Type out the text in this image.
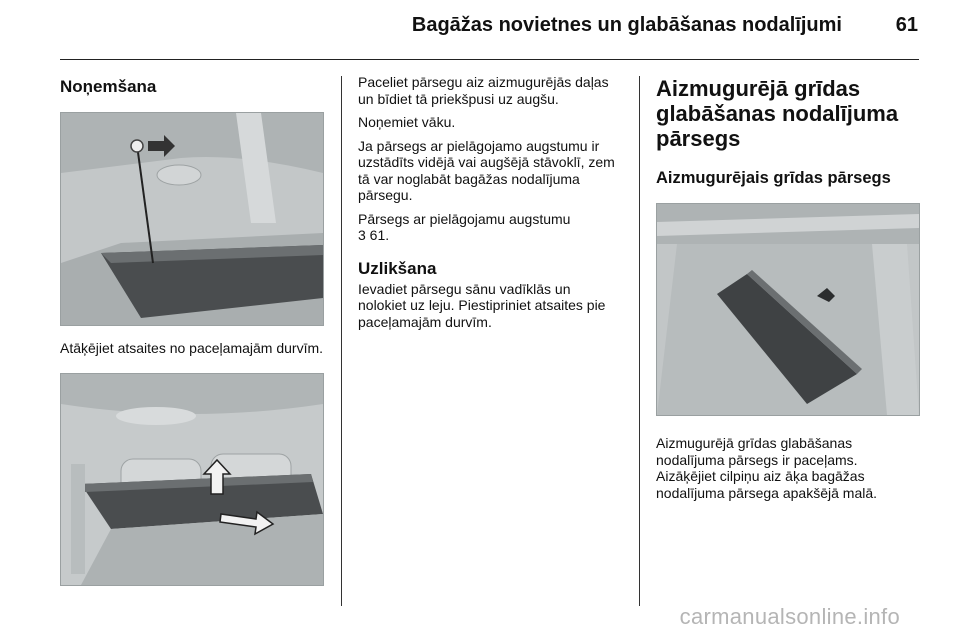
Bagāžas novietnes un glabāšanas nodalījumi	61
Noņemšana

Atāķējiet atsaites no paceļamajām durvīm.

Paceliet pārsegu aiz aizmugurējās daļas un bīdiet tā priekšpusi uz augšu.

Noņemiet vāku.

Ja pārsegs ar pielāgojamo augstumu ir uzstādīts vidējā vai augšējā stāvoklī, zem tā var noglabāt bagāžas nodalījuma pārsegu.

Pārsegs ar pielāgojamu augstumu
3 61.

Uzlikšana

Ievadiet pārsegu sānu vadīklās un nolokiet uz leju. Piestipriniet atsaites pie paceļamajām durvīm.

Aizmugurējā grīdas glabāšanas nodalījuma pārsegs
Aizmugurējais grīdas pārsegs

Aizmugurējā grīdas glabāšanas nodalījuma pārsegs ir paceļams. Aizāķējiet cilpiņu aiz āķa bagāžas nodalījuma pārsega apakšējā malā.

carmanualsonline.info
